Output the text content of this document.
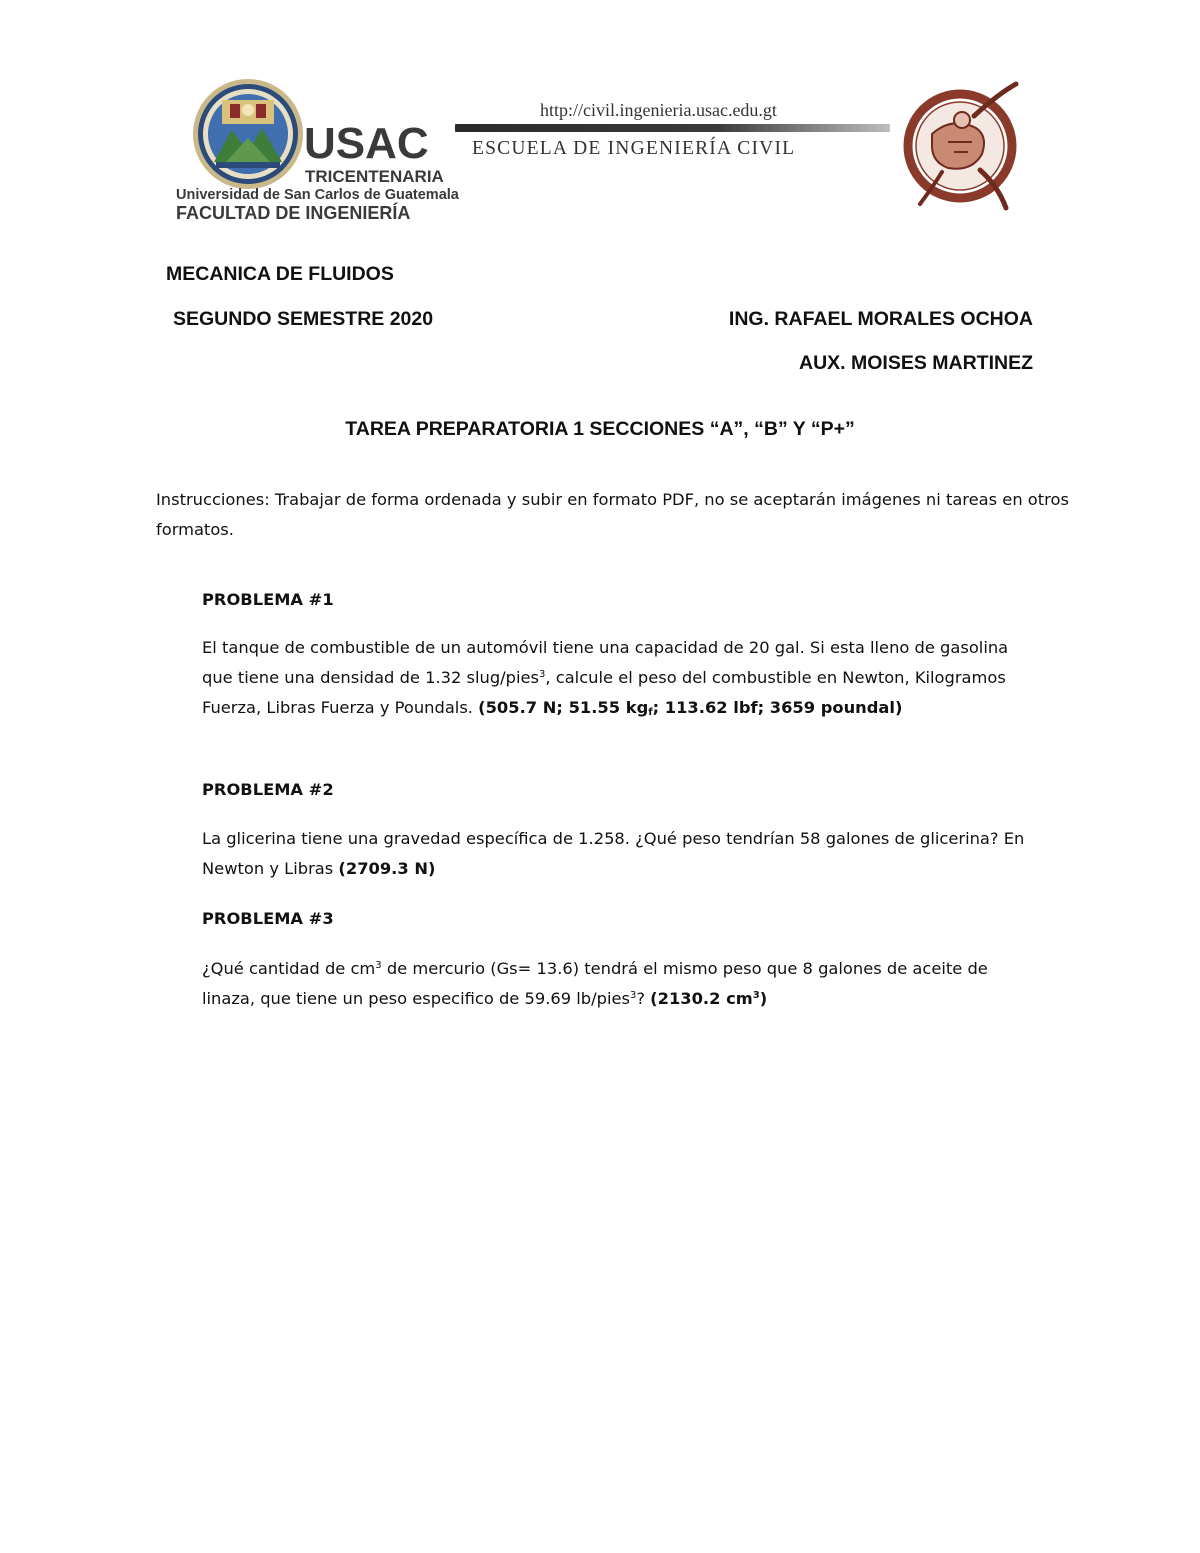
USAC
TRICENTENARIA
Universidad de San Carlos de Guatemala
FACULTAD DE INGENIERÍA
http://civil.ingenieria.usac.edu.gt
ESCUELA DE INGENIERÍA CIVIL
MECANICA DE FLUIDOS
SEGUNDO SEMESTRE 2020	ING. RAFAEL MORALES OCHOA
AUX. MOISES MARTINEZ
TAREA PREPARATORIA 1 SECCIONES “A”, “B” Y “P+”
Instrucciones: Trabajar de forma ordenada y subir en formato PDF, no se aceptarán imágenes ni tareas en otros formatos.
PROBLEMA #1
El tanque de combustible de un automóvil tiene una capacidad de 20 gal. Si esta lleno de gasolina que tiene una densidad de 1.32 slug/pies$^3$, calcule el peso del combustible en Newton, Kilogramos Fuerza, Libras Fuerza y Poundals. (505.7 N; 51.55 $kg_f$; 113.62 lbf; 3659 poundal)
PROBLEMA #2
La glicerina tiene una gravedad específica de 1.258. ¿Qué peso tendrían 58 galones de glicerina? En Newton y Libras (2709.3 N)
PROBLEMA #3
¿Qué cantidad de $cm^3$ de mercurio (Gs= 13.6) tendrá el mismo peso que 8 galones de aceite de linaza, que tiene un peso especifico de 59.69 lb/pies$^3$? (2130.2 $cm^3$)
